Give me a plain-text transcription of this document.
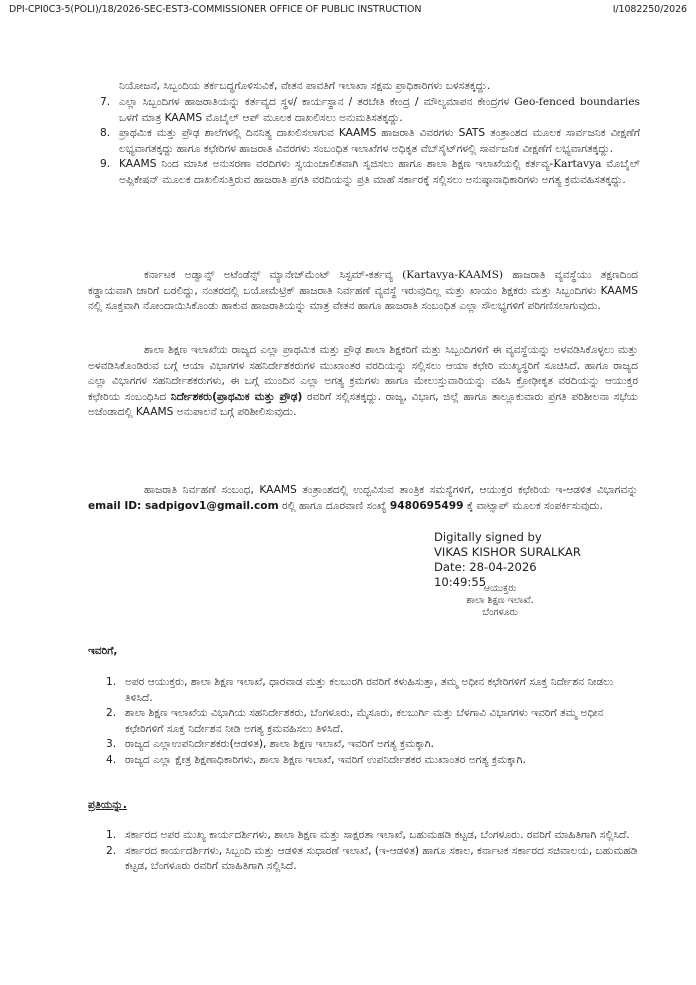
DPI-CPI0C3-5(POLI)/18/2026-SEC-EST3-COMMISSIONER OFFICE OF PUBLIC INSTRUCTION	I/1082250/2026
ನಿಯೋಜನೆ, ಸಿಬ್ಬಂದಿಯ ತರ್ಕಬದ್ಧಗೊಳಿಸುವಿಕೆ, ವೇತನ ಪಾವತಿಗೆ ಇಲಾಖಾ ಸಕ್ಷಮ ಪ್ರಾಧಿಕಾರಿಗಳು ಬಳಸತಕ್ಕದ್ದು.
7. ಎಲ್ಲಾ ಸಿಬ್ಬಂದಿಗಳ ಹಾಜರಾತಿಯನ್ನು ಕರ್ತವ್ಯದ ಸ್ಥಳ/ ಕಾರ್ಯಸ್ಥಾನ / ತರಬೇತಿ ಕೇಂದ್ರ / ಮೌಲ್ಯಮಾಪನ ಕೇಂದ್ರಗಳ Geo-fenced boundaries ಒಳಗೆ ಮಾತ್ರ KAAMS ಮೊಬೈಲ್ ಆಪ್ ಮೂಲಕ ದಾಖಲಿಸಲು ಅನುಮತಿಸತಕ್ಕದ್ದು.
8. ಪ್ರಾಥಮಿಕ ಮತ್ತು ಪ್ರೌಢ ಶಾಲೆಗಳಲ್ಲಿ ದಿನನಿತ್ಯ ದಾಖಲಿಸಲಾಗುವ KAAMS ಹಾಜರಾತಿ ವಿವರಗಳು SATS ತಂತ್ರಾಂಶದ ಮೂಲಕ ಸಾರ್ವಜನಿಕ ವೀಕ್ಷಣೆಗೆ ಲಭ್ಯವಾಗತಕ್ಕದ್ದು ಹಾಗೂ ಕಛೇರಿಗಳ ಹಾಜರಾತಿ ವಿವರಗಳು ಸಂಬಂಧಿತ ಇಲಾಖೆಗಳ ಅಧಿಕೃತ ವೆಬ್‌ಸೈಟ್‌ಗಳಲ್ಲಿ ಸಾರ್ವಜನಿಕ ವೀಕ್ಷಣೆಗೆ ಲಭ್ಯವಾಗತಕ್ಕದ್ದು.
9. KAAMS ನಿಂದ ಮಾಸಿಕ ಅನುಸರಣಾ ವರದಿಗಳು ಸ್ವಯಂಚಾಲಿತವಾಗಿ ಸೃಜಿಸಲು ಹಾಗೂ ಶಾಲಾ ಶಿಕ್ಷಣ ಇಲಾಖೆಯಲ್ಲಿ ಕರ್ತವ್ಯ-Kartavya ಮೊಬೈಲ್ ಅಪ್ಲಿಕೇಷನ್ ಮೂಲಕ ದಾಖಲಿಸುತ್ತಿರುವ ಹಾಜರಾತಿ ಪ್ರಗತಿ ವರದಿಯನ್ನು ಪ್ರತಿ ಮಾಹೆ ಸರ್ಕಾರಕ್ಕೆ ಸಲ್ಲಿಸಲು ಅನುಷ್ಠಾನಾಧಿಕಾರಿಗಳು ಅಗತ್ಯ ಕ್ರಮವಹಿಸತಕ್ಕದ್ದು.
ಕರ್ನಾಟಕ ಅಡ್ವಾನ್ಸ್ ಅಟೆಂಡೆನ್ಸ್ ಮ್ಯಾನೇಜ್‌ಮೆಂಟ್ ಸಿಸ್ಟಮ್-ಕರ್ತವ್ಯ (Kartavya-KAAMS) ಹಾಜರಾತಿ ವ್ಯವಸ್ಥೆಯು ತಕ್ಷಣದಿಂದ ಕಡ್ಡಾಯವಾಗಿ ಜಾರಿಗೆ ಬರಲಿದ್ದು, ನಂತರದಲ್ಲಿ ಬಯೋಮೆಟ್ರಿಕ್ ಹಾಜರಾತಿ ನಿರ್ವಹಣೆ ವ್ಯವಸ್ಥೆ ಇರುವುದಿಲ್ಲ ಮತ್ತು ಖಾಯಂ ಶಿಕ್ಷಕರು ಮತ್ತು ಸಿಬ್ಬಂದಿಗಳು KAAMS ನಲ್ಲಿ ಸೂಕ್ತವಾಗಿ ನೋಂದಾಯಿಸಿಕೊಂಡು ಹಾಕುವ ಹಾಜರಾತಿಯನ್ನು ಮಾತ್ರ ವೇತನ ಹಾಗೂ ಹಾಜರಾತಿ ಸಂಬಂಧಿತ ಎಲ್ಲಾ ಸೌಲಭ್ಯಗಳಿಗೆ ಪರಿಗಣಿಸಲಾಗುವುದು.
ಶಾಲಾ ಶಿಕ್ಷಣ ಇಲಾಖೆಯ ರಾಜ್ಯದ ಎಲ್ಲಾ ಪ್ರಾಥಮಿಕ ಮತ್ತು ಪ್ರೌಢ ಶಾಲಾ ಶಿಕ್ಷಕರಿಗೆ ಮತ್ತು ಸಿಬ್ಬಂದಿಗಳಿಗೆ ಈ ವ್ಯವಸ್ಥೆಯನ್ನು ಅಳವಡಿಸಿಕೊಳ್ಳಲು ಮತ್ತು ಅಳವಡಿಸಿಕೊಂಡಿರುವ ಬಗ್ಗೆ ಆಯಾ ವಿಭಾಗಗಳ ಸಹನಿರ್ದೇಶಕರುಗಳ ಮುಖಾಂತರ ವರದಿಯನ್ನು ಸಲ್ಲಿಸಲು ಆಯಾ ಕಛೇರಿ ಮುಖ್ಯಸ್ಥರಿಗೆ ಸೂಚಿಸಿದೆ. ಹಾಗೂ ರಾಜ್ಯದ ಎಲ್ಲಾ ವಿಭಾಗಗಳ ಸಹನಿರ್ದೇಶಕರುಗಳು, ಈ ಬಗ್ಗೆ ಮುಂದಿನ ಎಲ್ಲಾ ಅಗತ್ಯ ಕ್ರಮಗಳು ಹಾಗೂ ಮೇಲುಸ್ತುವಾರಿಯನ್ನು ವಹಿಸಿ ಕ್ರೋಢೀಕೃತ ವರದಿಯನ್ನು ಆಯುಕ್ತರ ಕಛೇರಿಯ ಸಂಬಂಧಿಸಿದ ನಿರ್ದೇಶಕರು(ಪ್ರಾಥಮಿಕ ಮತ್ತು ಪ್ರೌಢ) ರವರಿಗೆ ಸಲ್ಲಿಸತಕ್ಕದ್ದು. ರಾಜ್ಯ, ವಿಭಾಗ, ಜಿಲ್ಲೆ ಹಾಗೂ ತಾಲ್ಲೂಕುವಾರು ಪ್ರಗತಿ ಪರಿಶೀಲನಾ ಸಭೆಯ ಅಜೆಂಡಾದಲ್ಲಿ KAAMS ಅನುಪಾಲನೆ ಬಗ್ಗೆ ಪರಿಶೀಲಿಸುವುದು.
ಹಾಜರಾತಿ ನಿರ್ವಹಣೆ ಸಂಬಂಧ, KAAMS ತಂತ್ರಾಂಶದಲ್ಲಿ ಉದ್ಭವಿಸುವ ತಾಂತ್ರಿಕ ಸಮಸ್ಯೆಗಳಿಗೆ, ಆಯುಕ್ತರ ಕಛೇರಿಯ ಇ-ಆಡಳಿತ ವಿಭಾಗವನ್ನು email ID: sadpigov1@gmail.com ರಲ್ಲಿ ಹಾಗೂ ದೂರವಾಣಿ ಸಂಖ್ಯೆ 9480695499 ಕ್ಕೆ ವಾಟ್ಸಾಪ್ ಮೂಲಕ ಸಂಪರ್ಕಿಸುವುದು.
Digitally signed by
VIKAS KISHOR SURALKAR
Date: 28-04-2026
10:49:55
ಆಯುಕ್ತರು
ಶಾಲಾ ಶಿಕ್ಷಣ ಇಲಾಖೆ.
ಬೆಂಗಳೂರು
ಇವರಿಗೆ,
1. ಅಪರ ಆಯುಕ್ತರು, ಶಾಲಾ ಶಿಕ್ಷಣ ಇಲಾಖೆ, ಧಾರವಾಡ ಮತ್ತು ಕಲಬುರಗಿ ರವರಿಗೆ ಕಳುಹಿಸುತ್ತಾ, ತಮ್ಮ ಅಧೀನ ಕಛೇರಿಗಳಿಗೆ ಸೂಕ್ತ ನಿರ್ದೇಶನ ನೀಡಲು ತಿಳಿಸಿದೆ.
2. ಶಾಲಾ ಶಿಕ್ಷಣ ಇಲಾಖೆಯ ವಿಭಾಗಿಯ ಸಹನಿರ್ದೇಶಕರು, ಬೆಂಗಳೂರು, ಮೈಸೂರು, ಕಲಬುರ್ಗಿ ಮತ್ತು ಬೆಳಗಾವಿ ವಿಭಾಗಗಳು ಇವರಿಗೆ ತಮ್ಮ ಅಧೀನ ಕಛೇರಿಗಳಿಗೆ ಸೂಕ್ತ ನಿರ್ದೇಶನ ನೀಡಿ ಅಗತ್ಯ ಕ್ರಮವಹಿಸಲು ತಿಳಿಸಿದೆ.
3. ರಾಜ್ಯದ ಎಲ್ಲಾಉಪನಿರ್ದೇಶಕರು(ಆಡಳಿತ), ಶಾಲಾ ಶಿಕ್ಷಣ ಇಲಾಖೆ, ಇವರಿಗೆ ಅಗತ್ಯ ಕ್ರಮಕ್ಕಾಗಿ.
4. ರಾಜ್ಯದ ಎಲ್ಲಾ ಕ್ಷೇತ್ರ ಶಿಕ್ಷಣಾಧಿಕಾರಿಗಳು, ಶಾಲಾ ಶಿಕ್ಷಣ ಇಲಾಖೆ, ಇವರಿಗೆ ಉಪನಿರ್ದೇಶಕರ ಮುಖಾಂತರ ಅಗತ್ಯ ಕ್ರಮಕ್ಕಾಗಿ.
ಪ್ರತಿಯನ್ನು.
1. ಸರ್ಕಾರದ ಅಪರ ಮುಖ್ಯ ಕಾರ್ಯದರ್ಶಿಗಳು, ಶಾಲಾ ಶಿಕ್ಷಣ ಮತ್ತು ಸಾಕ್ಷರತಾ ಇಲಾಖೆ, ಬಹುಮಹಡಿ ಕಟ್ಟಡ, ಬೆಂಗಳೂರು. ರವರಿಗೆ ಮಾಹಿತಿಗಾಗಿ ಸಲ್ಲಿಸಿದೆ.
2. ಸರ್ಕಾರದ ಕಾರ್ಯದರ್ಶಿಗಳು, ಸಿಬ್ಬಂದಿ ಮತ್ತು ಆಡಳಿತ ಸುಧಾರಣೆ ಇಲಾಖೆ, (ಇ-ಆಡಳಿತ) ಹಾಗೂ ಸಕಾಲ, ಕರ್ನಾಟಕ ಸರ್ಕಾರದ ಸಚಿವಾಲಯ, ಬಹುಮಹಡಿ ಕಟ್ಟಡ, ಬೆಂಗಳೂರು ರವರಿಗೆ ಮಾಹಿತಿಗಾಗಿ ಸಲ್ಲಿಸಿದೆ.
